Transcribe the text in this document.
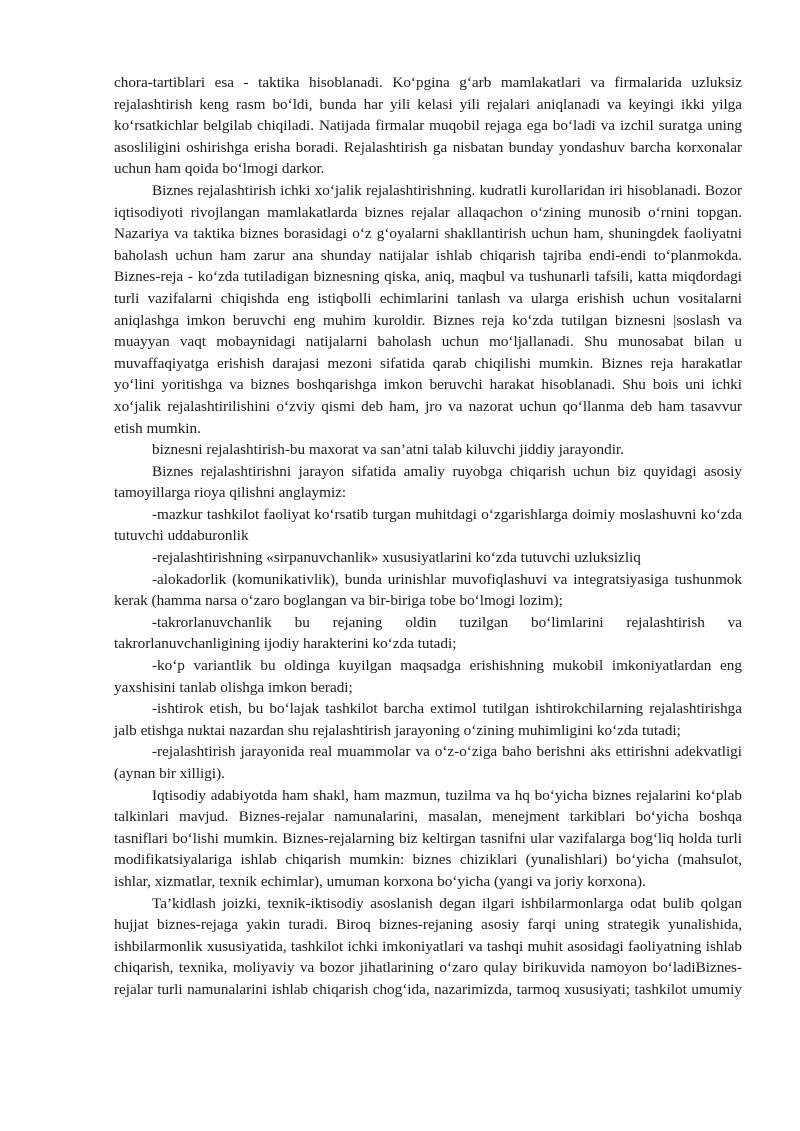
chora-tartiblari esa - taktika hisoblanadi. Ko‘pgina g‘arb mamlakatlari va firmalarida uzluksiz rejalashtirish keng rasm bo‘ldi, bunda har yili kelasi yili rejalari aniqlanadi va keyingi ikki yilga ko‘rsatkichlar belgilab chiqiladi. Natijada firmalar muqobil rejaga ega bo‘ladi va izchil suratga uning asosliligini oshirishga erisha boradi. Rejalashtirish ga nisbatan bunday yondashuv barcha korxonalar uchun ham qoida bo‘lmogi darkor.

Biznes rejalashtirish ichki xo‘jalik rejalashtirishning. kudratli kurollaridan iri hisoblanadi. Bozor iqtisodiyoti rivojlangan mamlakatlarda biznes rejalar allaqachon o‘zining munosib o‘rnini topgan. Nazariya va taktika biznes borasidagi o‘z g‘oyalarni shakllantirish uchun ham, shuningdek faoliyatni baholash uchun ham zarur ana shunday natijalar ishlab chiqarish tajriba endi-endi to‘planmokda. Biznes-reja - ko‘zda tutiladigan biznesning qiska, aniq, maqbul va tushunarli tafsili, katta miqdordagi turli vazifalarni chiqishda eng istiqbolli echimlarini tanlash va ularga erishish uchun vositalarni aniqlashga imkon beruvchi eng muhim kuroldir. Biznes reja ko‘zda tutilgan biznesni |soslash va muayyan vaqt mobaynidagi natijalarni baholash uchun mo‘ljallanadi. Shu munosabat bilan u muvaffaqiyatga erishish darajasi mezoni sifatida qarab chiqilishi mumkin. Biznes reja harakatlar yo‘lini yoritishga va biznes boshqarishga imkon beruvchi harakat hisoblanadi. Shu bois uni ichki xo‘jalik rejalashtirilishini o‘zviy qismi deb ham, jro va nazorat uchun qo‘llanma deb ham tasavvur etish mumkin.

biznesni rejalashtirish-bu maxorat va san’atni talab kiluvchi jiddiy jarayondir.

Biznes rejalashtirishni jarayon sifatida amaliy ruyobga chiqarish uchun biz quyidagi asosiy tamoyillarga rioya qilishni anglaymiz:

-mazkur tashkilot faoliyat ko‘rsatib turgan muhitdagi o‘zgarishlarga doimiy moslashuvni ko‘zda tutuvchi uddaburonlik

-rejalashtirishning «sirpanuvchanlik» xususiyatlarini ko‘zda tutuvchi uzluksizliq

-alokadorlik (komunikativlik), bunda urinishlar muvofiqlashuvi va integratsiyasiga tushunmok kerak (hamma narsa o‘zaro boglangan va bir-biriga tobe bo‘lmogi lozim);

-takrorlanuvchanlik bu rejaning oldin tuzilgan bo‘limlarini rejalashtirish va takrorlanuvchanligining ijodiy harakterini ko‘zda tutadi;

-ko‘p variantlik bu oldinga kuyilgan maqsadga erishishning mukobil imkoniyatlardan eng yaxshisini tanlab olishga imkon beradi;

-ishtirok etish, bu bo‘lajak tashkilot barcha extimol tutilgan ishtirokchilarning rejalashtirishga jalb etishga nuktai nazardan shu rejalashtirish jarayoning o‘zining muhimligini ko‘zda tutadi;

-rejalashtirish jarayonida real muammolar va o‘z-o‘ziga baho berishni aks ettirishni adekvatligi (aynan bir xilligi).

Iqtisodiy adabiyotda ham shakl, ham mazmun, tuzilma va hq bo‘yicha biznes rejalarini ko‘plab talkinlari mavjud. Biznes-rejalar namunalarini, masalan, menejment tarkiblari bo‘yicha boshqa tasniflari bo‘lishi mumkin. Biznes-rejalarning biz keltirgan tasnifni ular vazifalarga bog‘liq holda turli modifikatsiyalariga ishlab chiqarish mumkin: biznes chiziklari (yunalishlari) bo‘yicha (mahsulot, ishlar, xizmatlar, texnik echimlar), umuman korxona bo‘yicha (yangi va joriy korxona).

Ta’kidlash joizki, texnik-iktisodiy asoslanish degan ilgari ishbilarmonlarga odat bulib qolgan hujjat biznes-rejaga yakin turadi. Biroq biznes-rejaning asosiy farqi uning strategik yunalishida, ishbilarmonlik xususiyatida, tashkilot ichki imkoniyatlari va tashqi muhit asosidagi faoliyatning ishlab chiqarish, texnika, moliyaviy va bozor jihatlarining o‘zaro qulay birikuvida namoyon bo‘ladiBiznes-rejalar turli namunalarini ishlab chiqarish chog‘ida, nazarimizda, tarmoq xususiyati; tashkilot umumiy
